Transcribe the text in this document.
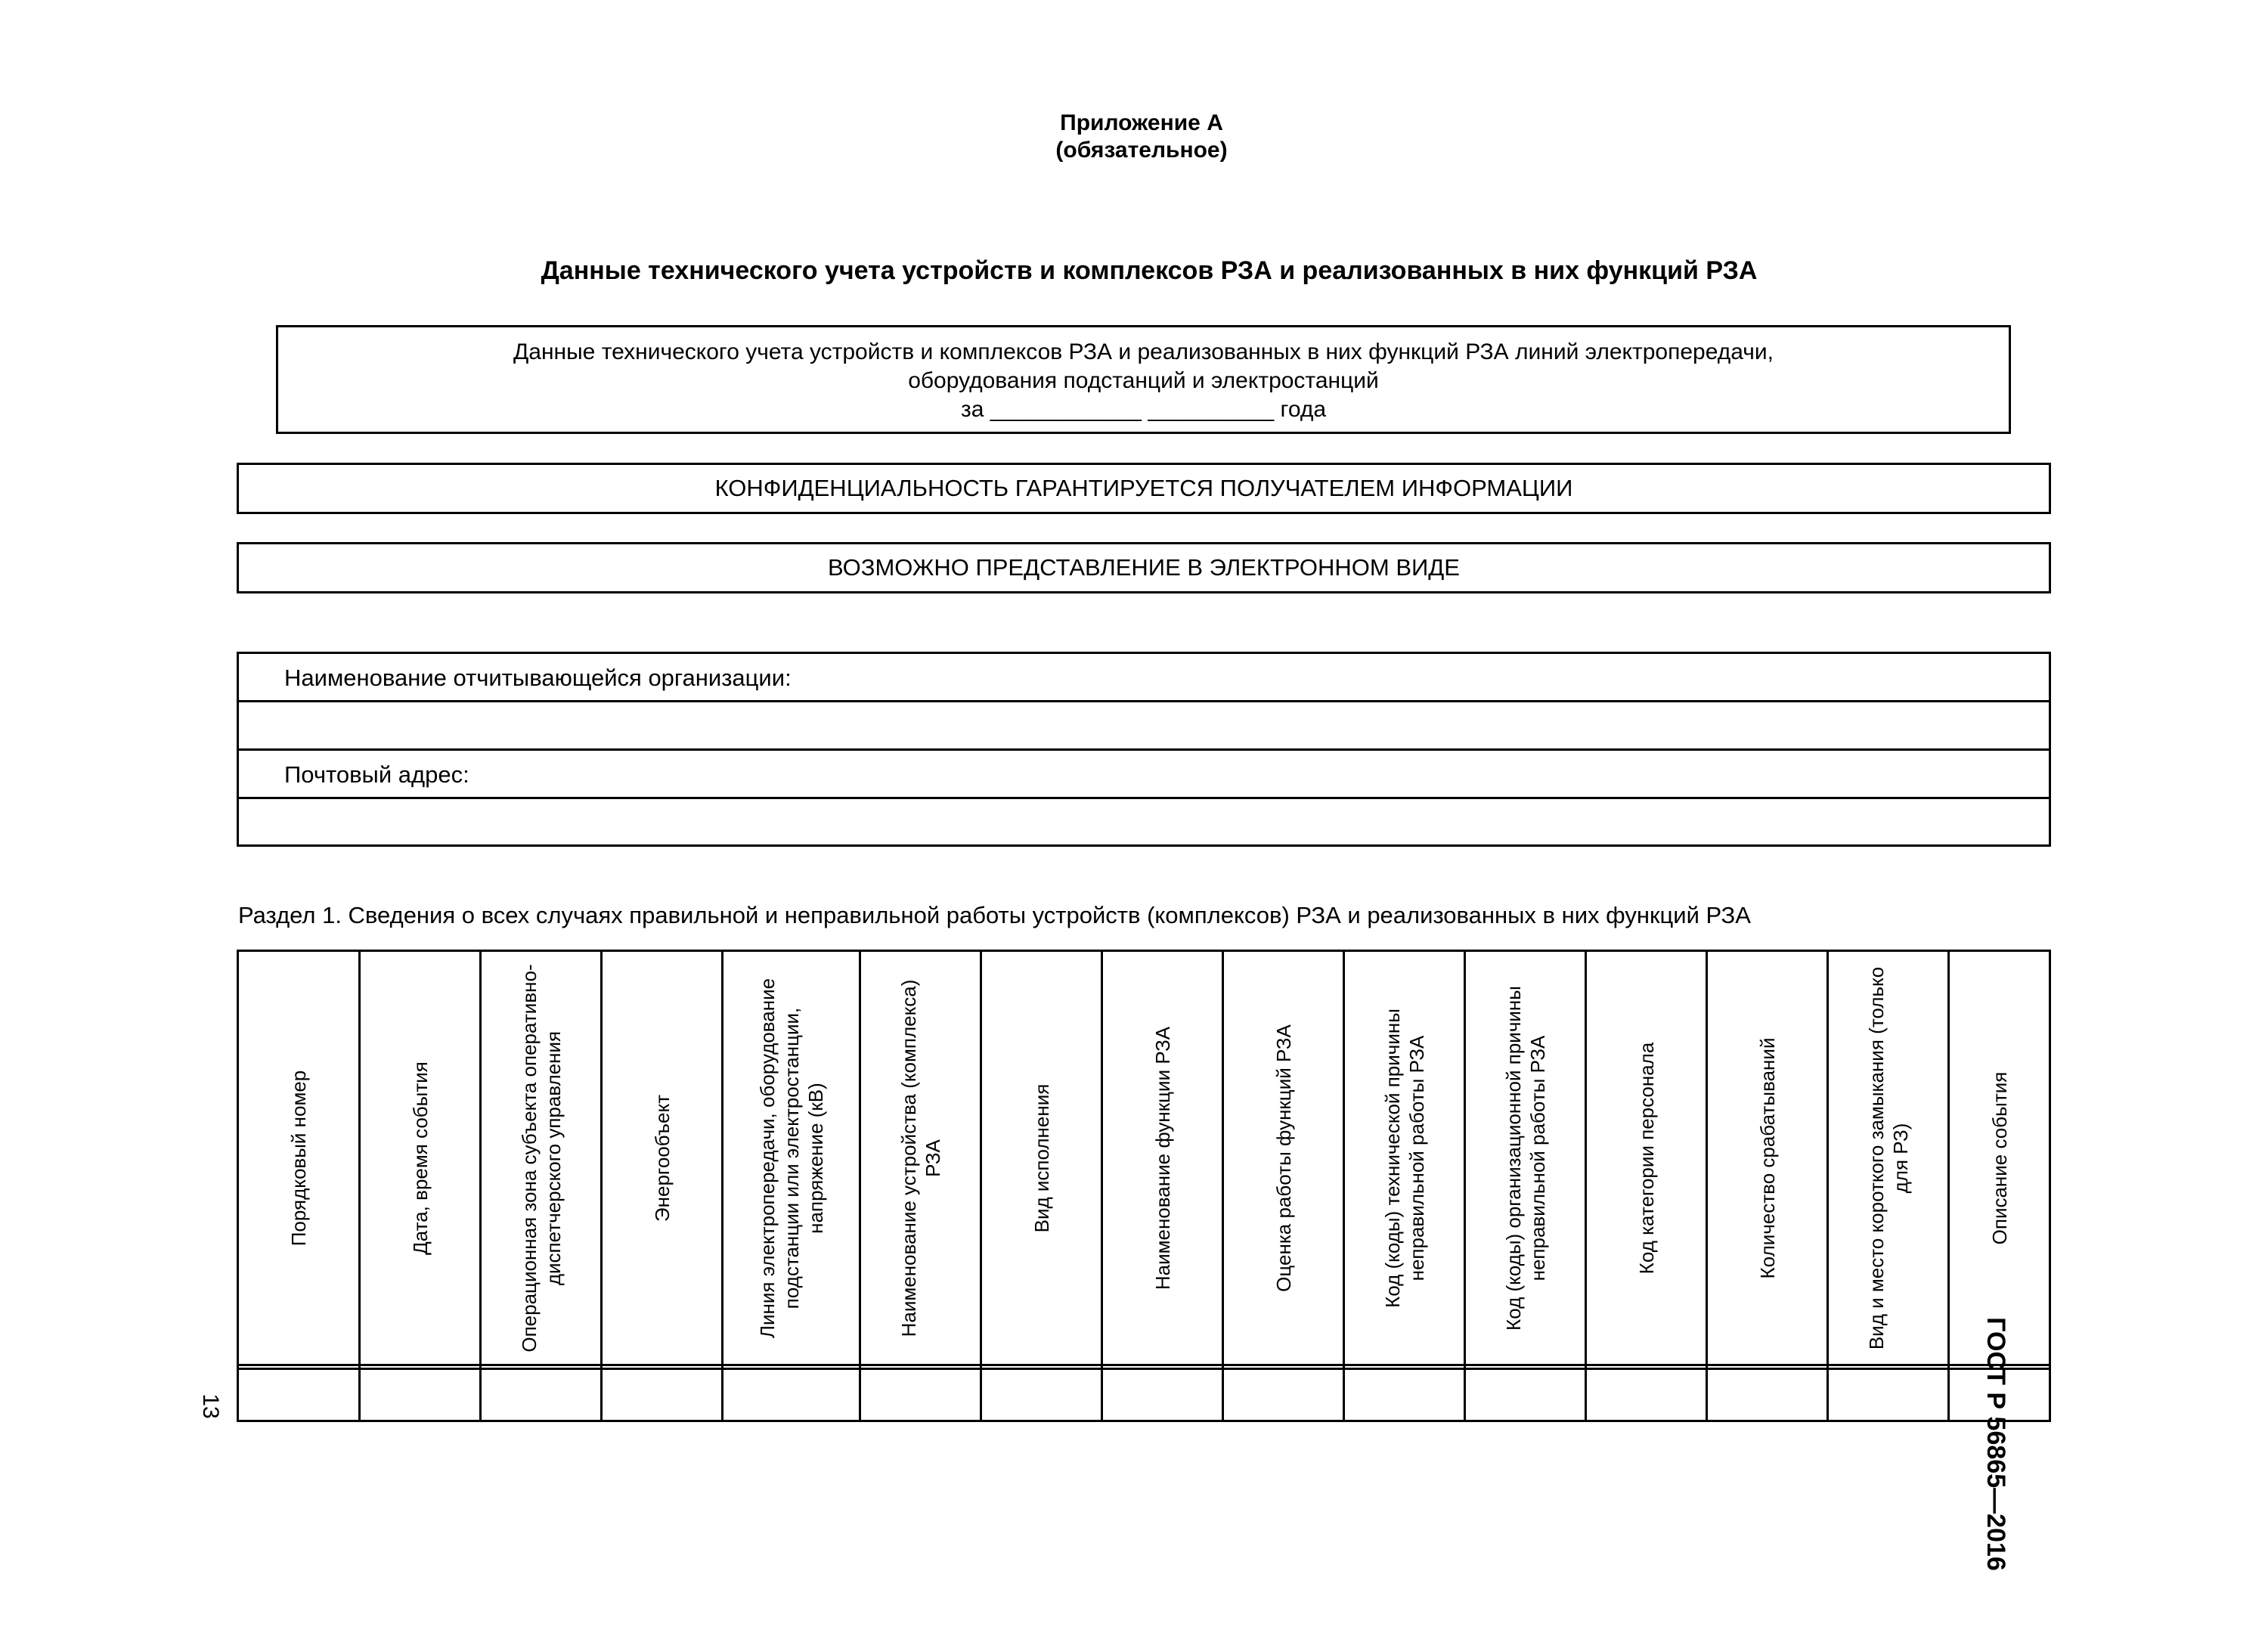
Приложение А
(обязательное)
Данные технического учета устройств и комплексов РЗА и реализованных в них функций РЗА
Данные технического учета устройств и комплексов РЗА и реализованных в них функций РЗА линий электропередачи,
оборудования подстанций и электростанций
за ____________ __________ года
КОНФИДЕНЦИАЛЬНОСТЬ ГАРАНТИРУЕТСЯ ПОЛУЧАТЕЛЕМ ИНФОРМАЦИИ
ВОЗМОЖНО ПРЕДСТАВЛЕНИЕ В ЭЛЕКТРОННОМ ВИДЕ
Наименование отчитывающейся организации:
Почтовый адрес:
Раздел 1. Сведения о всех случаях правильной и неправильной работы устройств (комплексов) РЗА и реализованных в них функций РЗА
Порядковый номер	Дата, время события	Операционная зона субъекта оперативно-диспетчерского управления	Энергообъект	Линия электропередачи, оборудование подстанции или электростанции, напряжение (кВ)	Наименование устройства (комплекса) РЗА	Вид исполнения	Наименование функции РЗА	Оценка работы функций РЗА	Код (коды) технической причины неправильной работы РЗА	Код (коды) организационной причины неправильной работы РЗА	Код категории персонала	Количество срабатываний	Вид и место короткого замыкания (только для РЗ)	Описание события
13	ГОСТ Р 56865—2016
